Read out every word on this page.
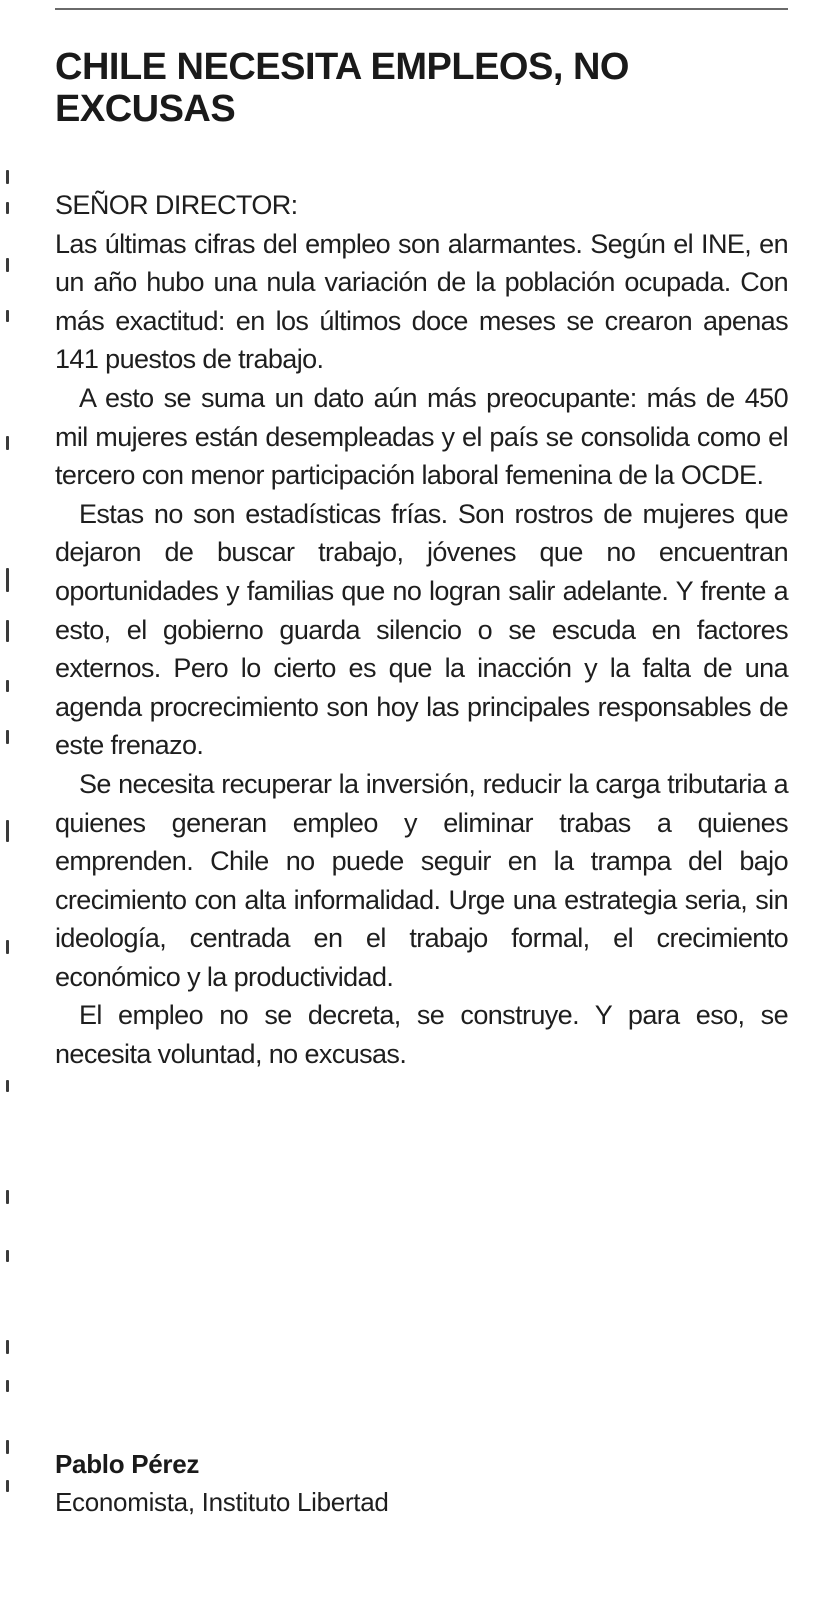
CHILE NECESITA EMPLEOS, NO
EXCUSAS

SEÑOR DIRECTOR:

Las últimas cifras del empleo son alarmantes. Según el INE, en un año hubo una nula variación de la población ocupada. Con más exactitud: en los últimos doce meses se crearon apenas 141 puestos de trabajo.

A esto se suma un dato aún más preocupante: más de 450 mil mujeres están desempleadas y el país se consolida como el tercero con menor participación laboral femenina de la OCDE.

Estas no son estadísticas frías. Son rostros de mujeres que dejaron de buscar trabajo, jóvenes que no encuentran oportunidades y familias que no logran salir adelante. Y frente a esto, el gobierno guarda silencio o se escuda en factores externos. Pero lo cierto es que la inacción y la falta de una agenda procrecimiento son hoy las principales responsables de este frenazo.

Se necesita recuperar la inversión, reducir la carga tributaria a quienes generan empleo y eliminar trabas a quienes emprenden. Chile no puede seguir en la trampa del bajo crecimiento con alta informalidad. Urge una estrategia seria, sin ideología, centrada en el trabajo formal, el crecimiento económico y la productividad.

El empleo no se decreta, se construye. Y para eso, se necesita voluntad, no excusas.

Pablo Pérez

Economista, Instituto Libertad
